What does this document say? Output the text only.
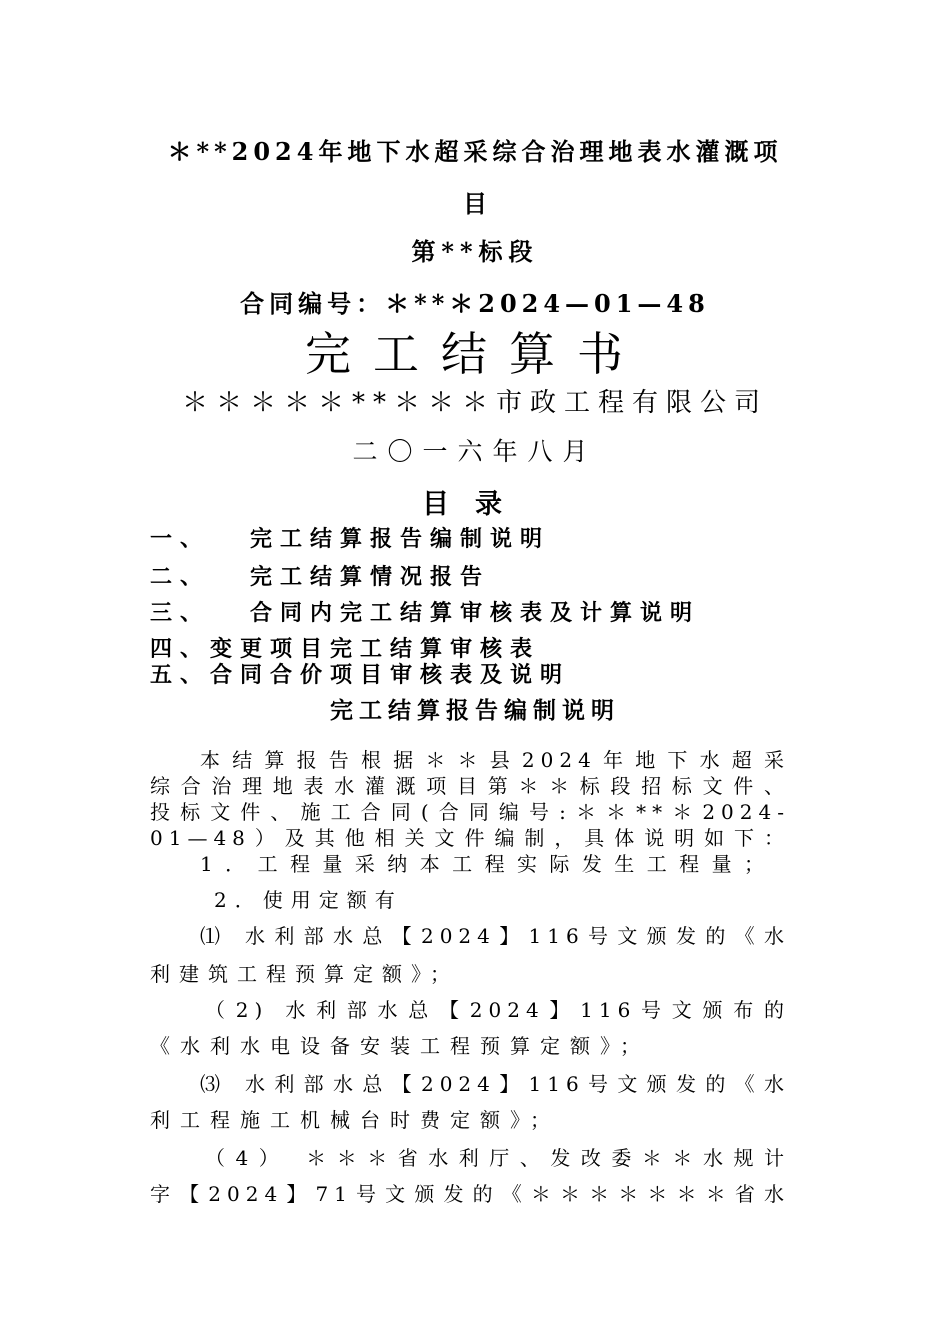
＊**2024年地下水超采综合治理地表水灌溉项
目
第**标段
合同编号：＊**＊2024—01—48
完工结算书
＊＊＊＊＊**＊＊＊市政工程有限公司
二〇一六年八月
目录
一、 完工结算报告编制说明
二、 完工结算情况报告
三、 合同内完工结算审核表及计算说明
四、变更项目完工结算审核表
五、合同合价项目审核表及说明
完工结算报告编制说明
本结算报告根据＊＊县2024年地下水超采
综合治理地表水灌溉项目第＊＊标段招标文件、
投标文件、施工合同(合同编号:＊＊**＊2024-
01—48）及其他相关文件编制，具体说明如下：
1．工程量采纳本工程实际发生工程量；
2．使用定额有
⑴ 水利部水总【2024】116号文颁发的《水
利建筑工程预算定额》；
（2) 水利部水总【2024】116号文颁布的
《水利水电设备安装工程预算定额》；
⑶ 水利部水总【2024】116号文颁发的《水
利工程施工机械台时费定额》；
（4） ＊＊＊省水利厅、发改委＊＊水规计
字【2024】71号文颁发的《＊＊＊＊＊＊＊省水
